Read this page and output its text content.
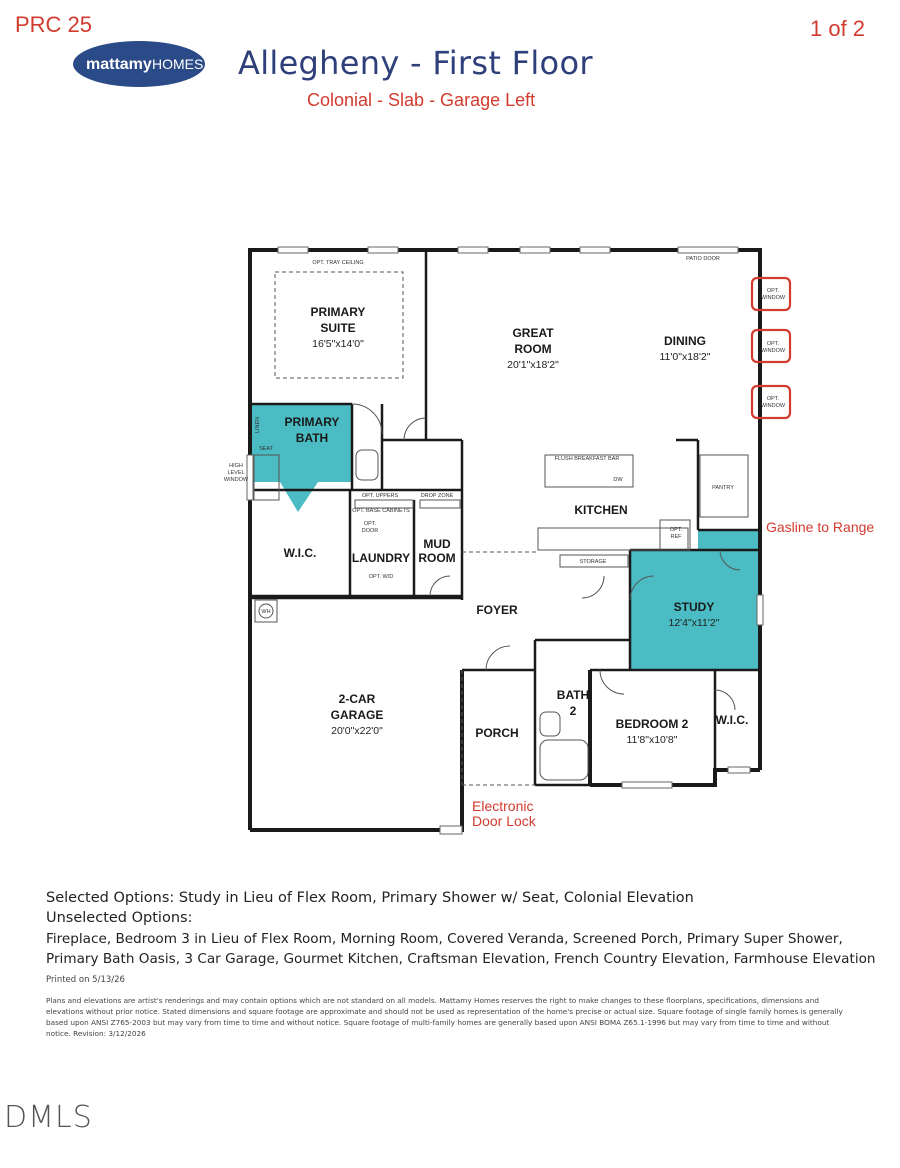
PRC 25	1 of 2
mattamy HOMES Allegheny - First Floor
Colonial - Slab - Garage Left
PRIMARY
SUITE	GREAT
ROOM
DINING
PRIMARY
BATH
KITCHEN
W.I.C.	LAUNDRY
MUD
ROOM
FOYER	STUDY
2-CAR
GARAGE
BATH
2
PORCH
BEDROOM 2 W.I.C.
16'5"x14'0"
20'1"x18'2"
11'0"x18'2"
12'4"x11'2"
20'0"x22'0"
11'8"x10'8"
OPT. TRAY CEILING
PATIO DOOR
OPT.
WINDOW
OPT.
WINDOW
OPT.
WINDOW
LINEN
SEAT
HIGH
LEVEL
WINDOW
FLUSH BREAKFAST BAR
DW
PANTRY
OPT. UPPERS	DROP ZONE
OPT. BASE CABINETS
OPT.
DOOR
OPT. W/D
OPT.
REF
STORAGE
WH
Gasline to Range
Electronic
Door Lock
Selected Options: Study in Lieu of Flex Room, Primary Shower w/ Seat, Colonial Elevation
Unselected Options:
Fireplace, Bedroom 3 in Lieu of Flex Room, Morning Room, Covered Veranda, Screened Porch, Primary Super Shower,
Primary Bath Oasis, 3 Car Garage, Gourmet Kitchen, Craftsman Elevation, French Country Elevation, Farmhouse Elevation
Printed on 5/13/26
Plans and elevations are artist's renderings and may contain options which are not standard on all models. Mattamy Homes reserves the right to make changes to these floorplans, specifications, dimensions and elevations without prior notice. Stated dimensions and square footage are approximate and should not be used as representation of the home's precise or actual size. Square footage of single family homes is generally based upon ANSI Z765-2003 but may vary from time to time and without notice. Square footage of multi-family homes are generally based upon ANSI BOMA Z65.1-1996 but may vary from time to time and without notice. Revision: 3/12/2026
DMLS
